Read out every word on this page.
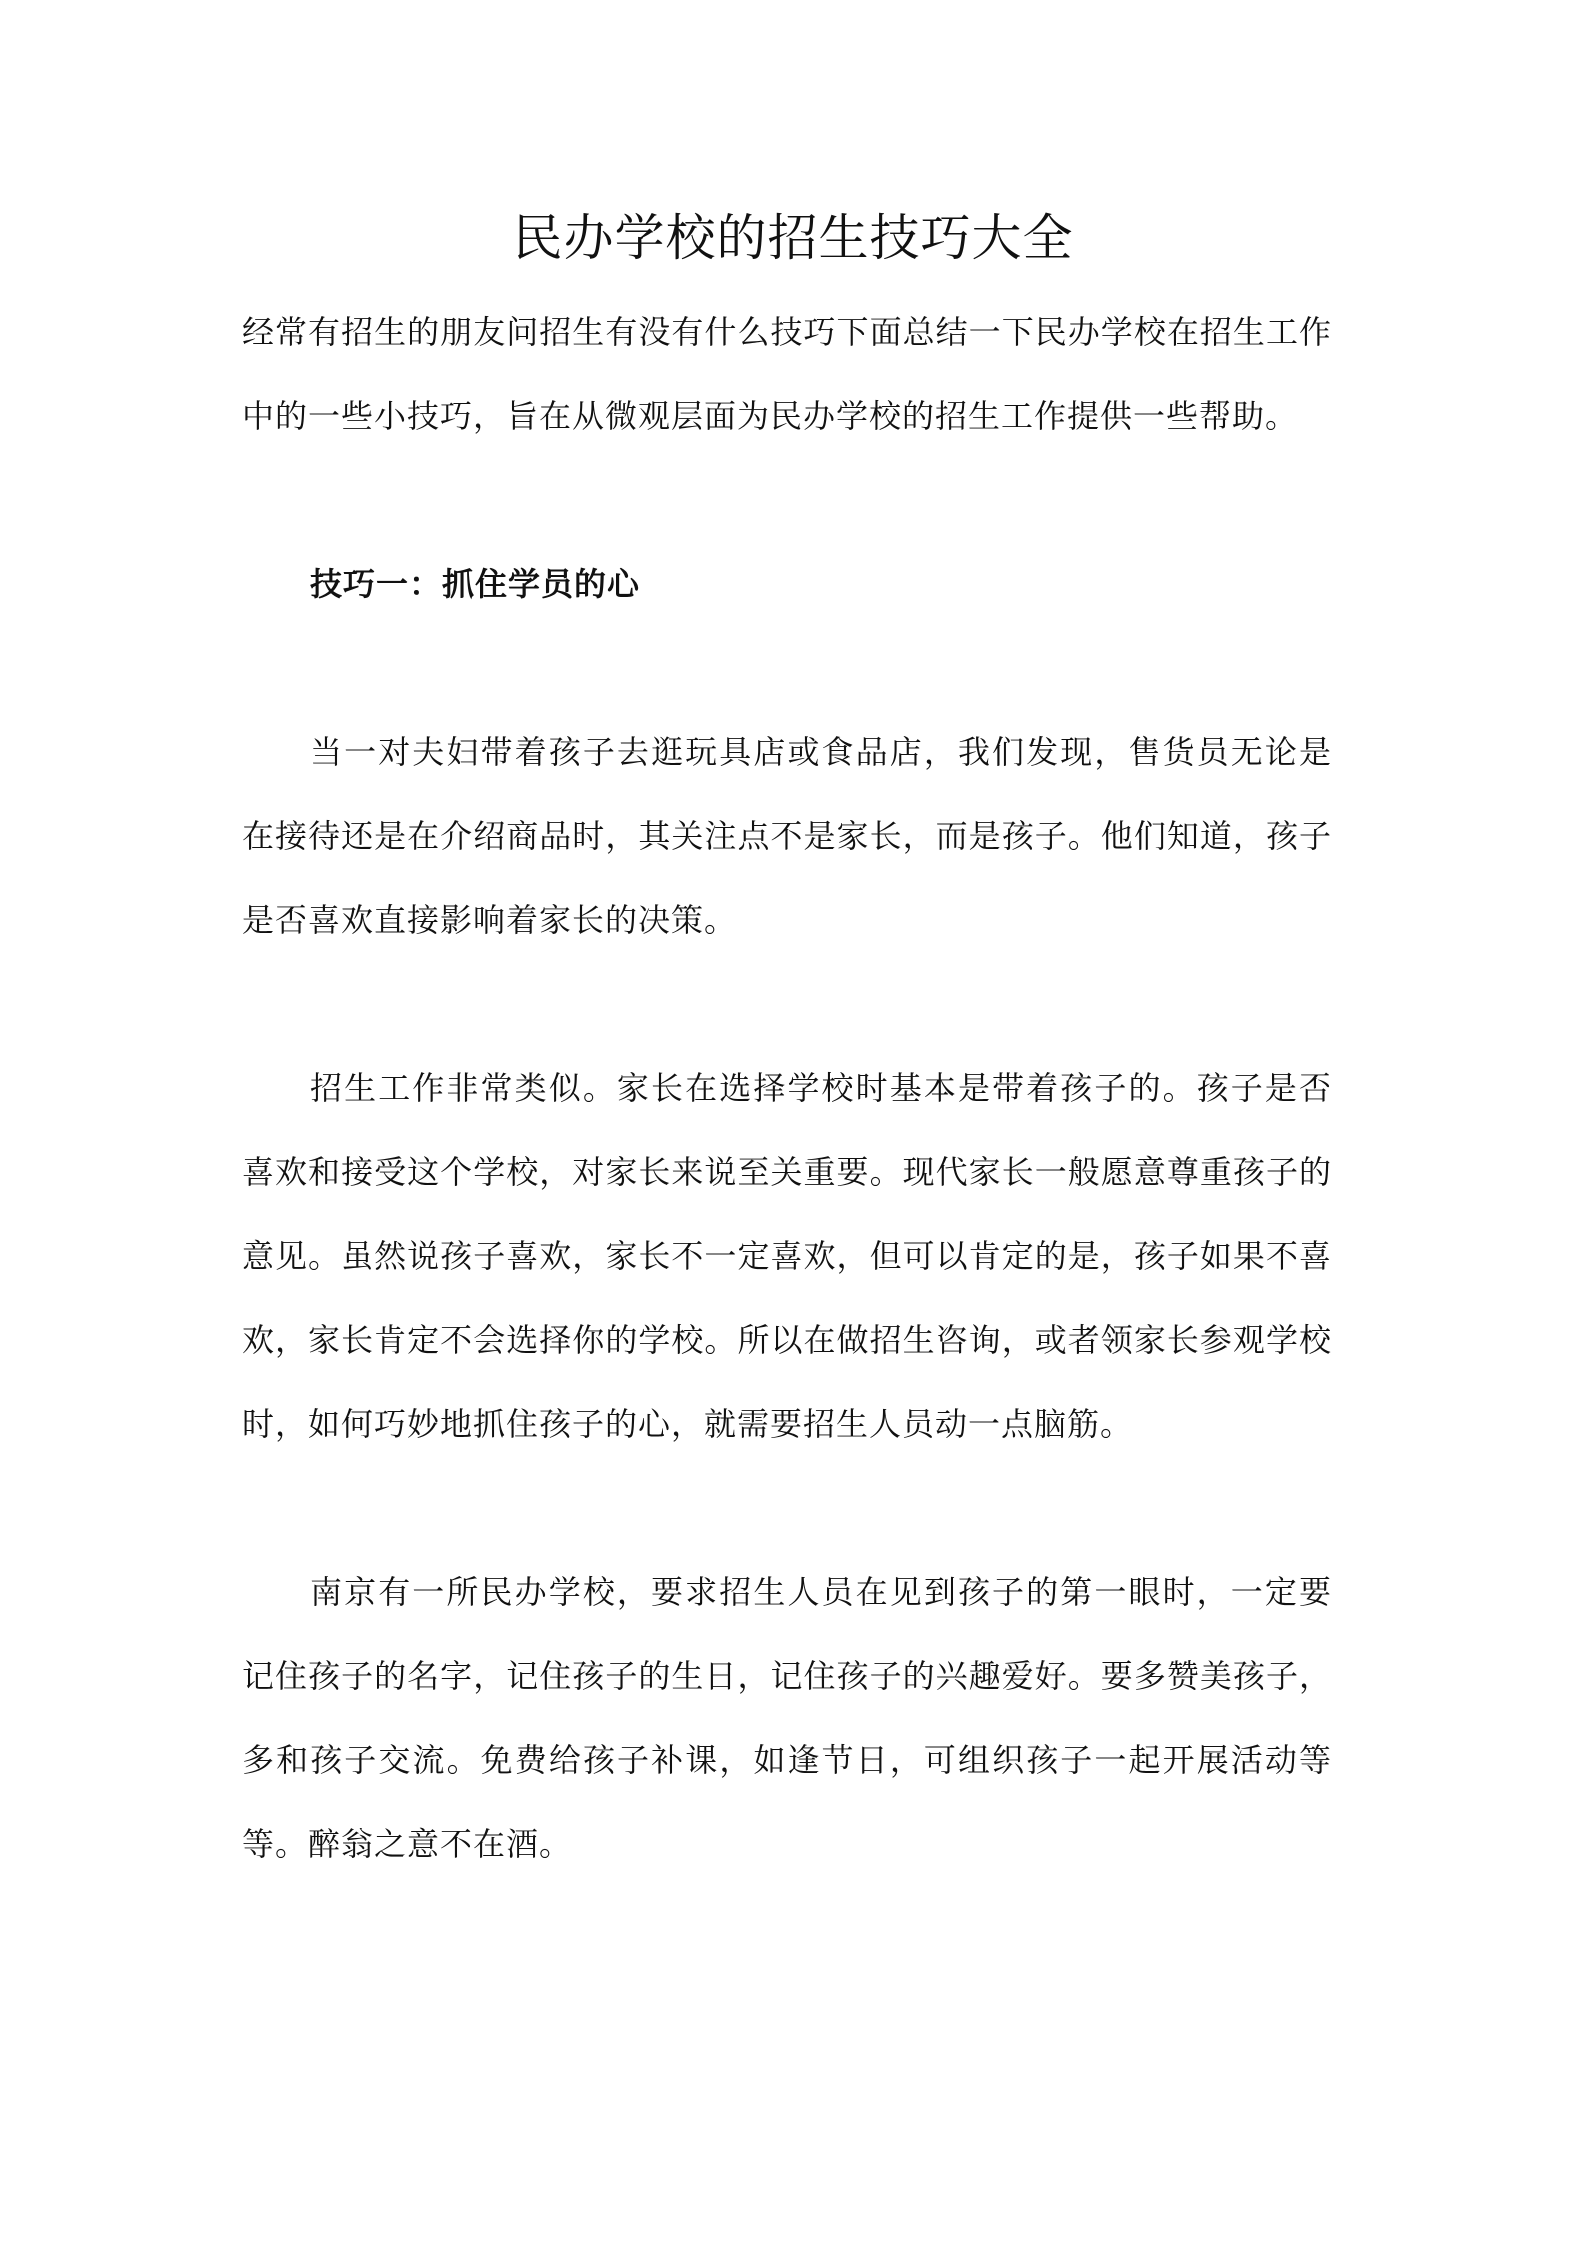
民办学校的招生技巧大全

经常有招生的朋友问招生有没有什么技巧下面总结一下民办学校在招生工作中的一些小技巧，旨在从微观层面为民办学校的招生工作提供一些帮助。

技巧一：抓住学员的心

当一对夫妇带着孩子去逛玩具店或食品店，我们发现，售货员无论是在接待还是在介绍商品时，其关注点不是家长，而是孩子。他们知道，孩子是否喜欢直接影响着家长的决策。

招生工作非常类似。家长在选择学校时基本是带着孩子的。孩子是否喜欢和接受这个学校，对家长来说至关重要。现代家长一般愿意尊重孩子的意见。虽然说孩子喜欢，家长不一定喜欢，但可以肯定的是，孩子如果不喜欢，家长肯定不会选择你的学校。所以在做招生咨询，或者领家长参观学校时，如何巧妙地抓住孩子的心，就需要招生人员动一点脑筋。

南京有一所民办学校，要求招生人员在见到孩子的第一眼时，一定要记住孩子的名字，记住孩子的生日，记住孩子的兴趣爱好。要多赞美孩子，多和孩子交流。免费给孩子补课，如逢节日，可组织孩子一起开展活动等等。醉翁之意不在酒。
